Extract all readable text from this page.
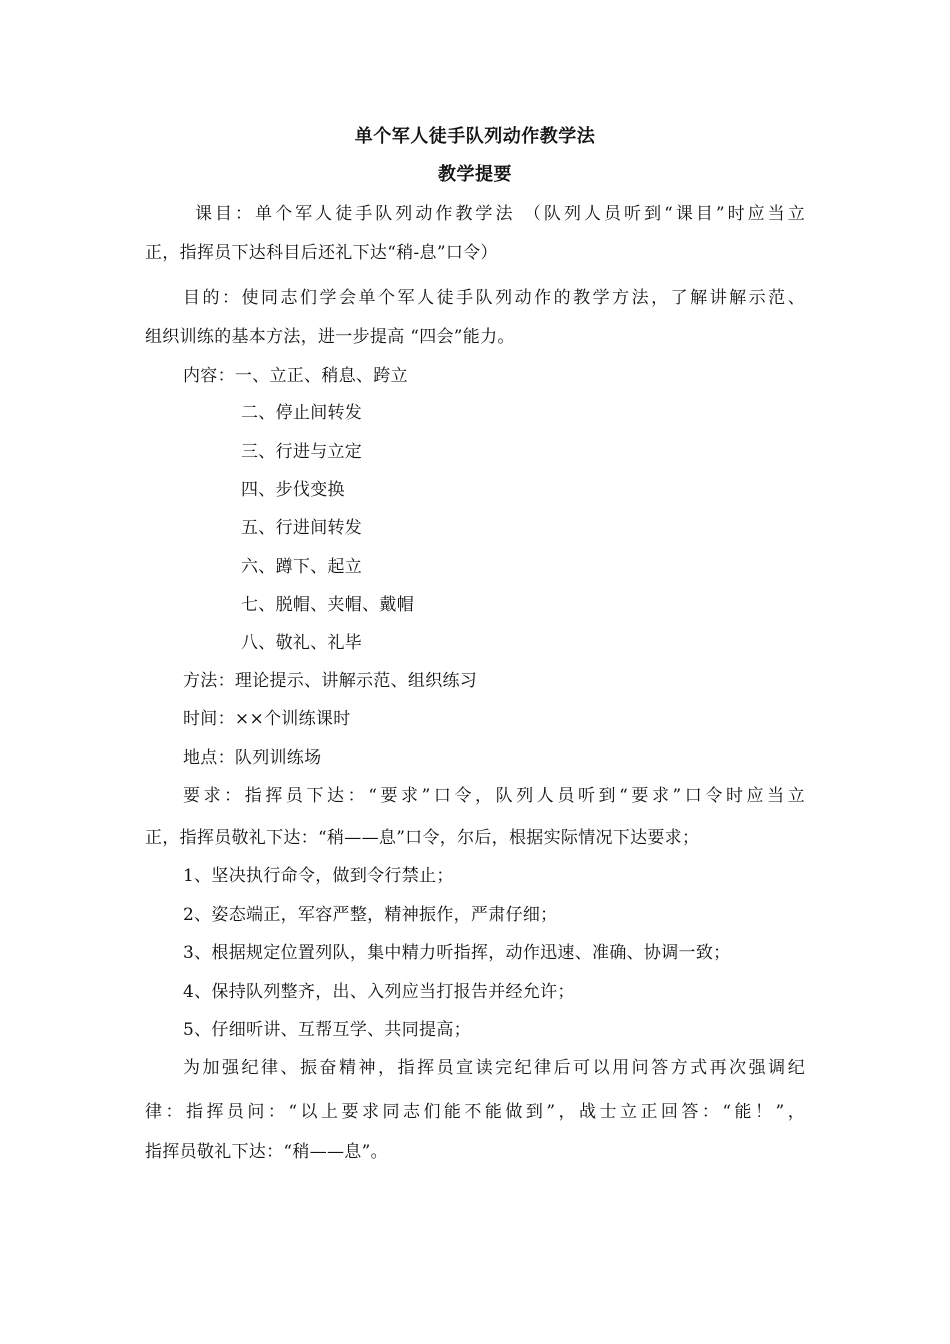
单个军人徒手队列动作教学法
教学提要
课目：单个军人徒手队列动作教学法 （队列人员听到“课目”时应当立
正，指挥员下达科目后还礼下达“稍-息”口令）
目的：使同志们学会单个军人徒手队列动作的教学方法，了解讲解示范、
组织训练的基本方法，进一步提高 “四会”能力。
内容：一、立正、稍息、跨立
二、停止间转发
三、行进与立定
四、步伐变换
五、行进间转发
六、蹲下、起立
七、脱帽、夹帽、戴帽
八、敬礼、礼毕
方法：理论提示、讲解示范、组织练习
时间：××个训练课时
地点：队列训练场
要求：指挥员下达：“要求”口令，队列人员听到“要求”口令时应当立
正，指挥员敬礼下达：“稍——息”口令，尔后，根据实际情况下达要求；
1、坚决执行命令，做到令行禁止；
2、姿态端正，军容严整，精神振作，严肃仔细；
3、根据规定位置列队，集中精力听指挥，动作迅速、准确、协调一致；
4、保持队列整齐，出、入列应当打报告并经允许；
5、仔细听讲、互帮互学、共同提高；
为加强纪律、振奋精神，指挥员宣读完纪律后可以用问答方式再次强调纪
律：指挥员问：“以上要求同志们能不能做到”，战士立正回答：“能！”，
指挥员敬礼下达：“稍——息”。
